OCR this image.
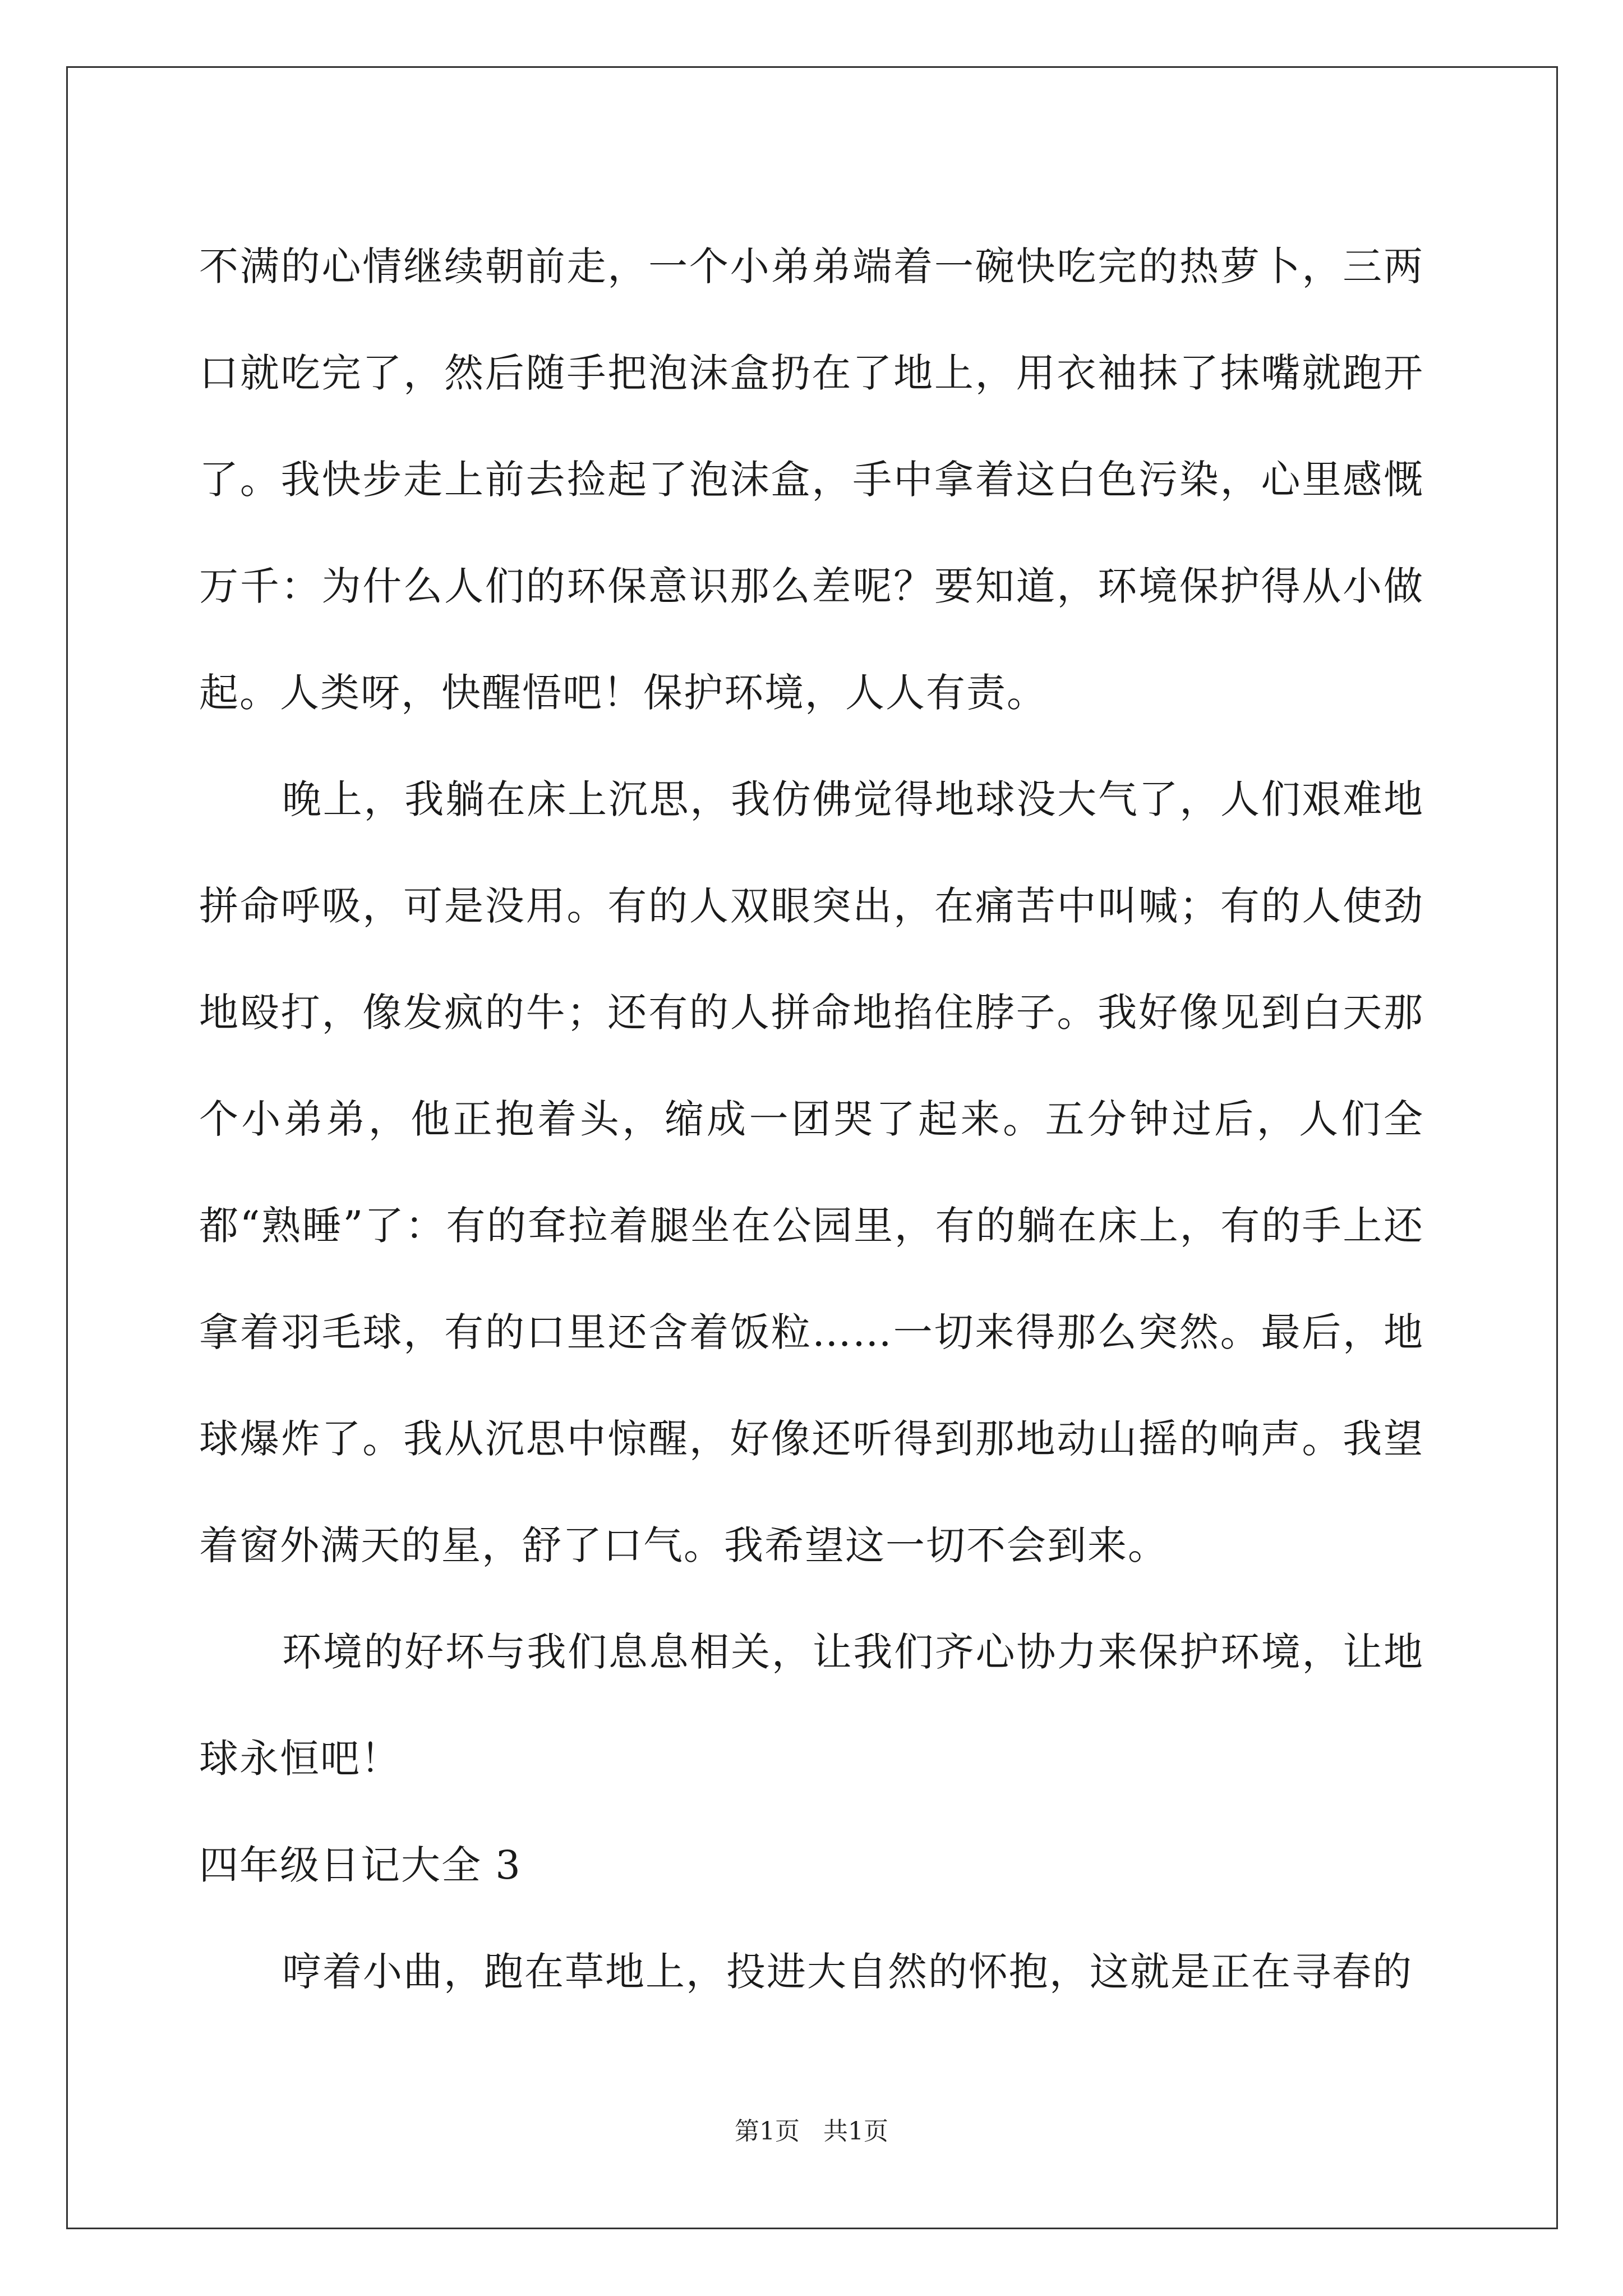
不满的心情继续朝前走，一个小弟弟端着一碗快吃完的热萝卜，三两口就吃完了，然后随手把泡沫盒扔在了地上，用衣袖抹了抹嘴就跑开了。我快步走上前去捡起了泡沫盒，手中拿着这白色污染，心里感慨万千：为什么人们的环保意识那么差呢？要知道，环境保护得从小做起。人类呀，快醒悟吧！保护环境，人人有责。

晚上，我躺在床上沉思，我仿佛觉得地球没大气了，人们艰难地拼命呼吸，可是没用。有的人双眼突出，在痛苦中叫喊；有的人使劲地殴打，像发疯的牛；还有的人拼命地掐住脖子。我好像见到白天那个小弟弟，他正抱着头，缩成一团哭了起来。五分钟过后，人们全都“熟睡”了：有的耷拉着腿坐在公园里，有的躺在床上，有的手上还拿着羽毛球，有的口里还含着饭粒……一切来得那么突然。最后，地球爆炸了。我从沉思中惊醒，好像还听得到那地动山摇的响声。我望着窗外满天的星，舒了口气。我希望这一切不会到来。

环境的好坏与我们息息相关，让我们齐心协力来保护环境，让地球永恒吧！

四年级日记大全 3

哼着小曲，跑在草地上，投进大自然的怀抱，这就是正在寻春的

第1页 共1页
